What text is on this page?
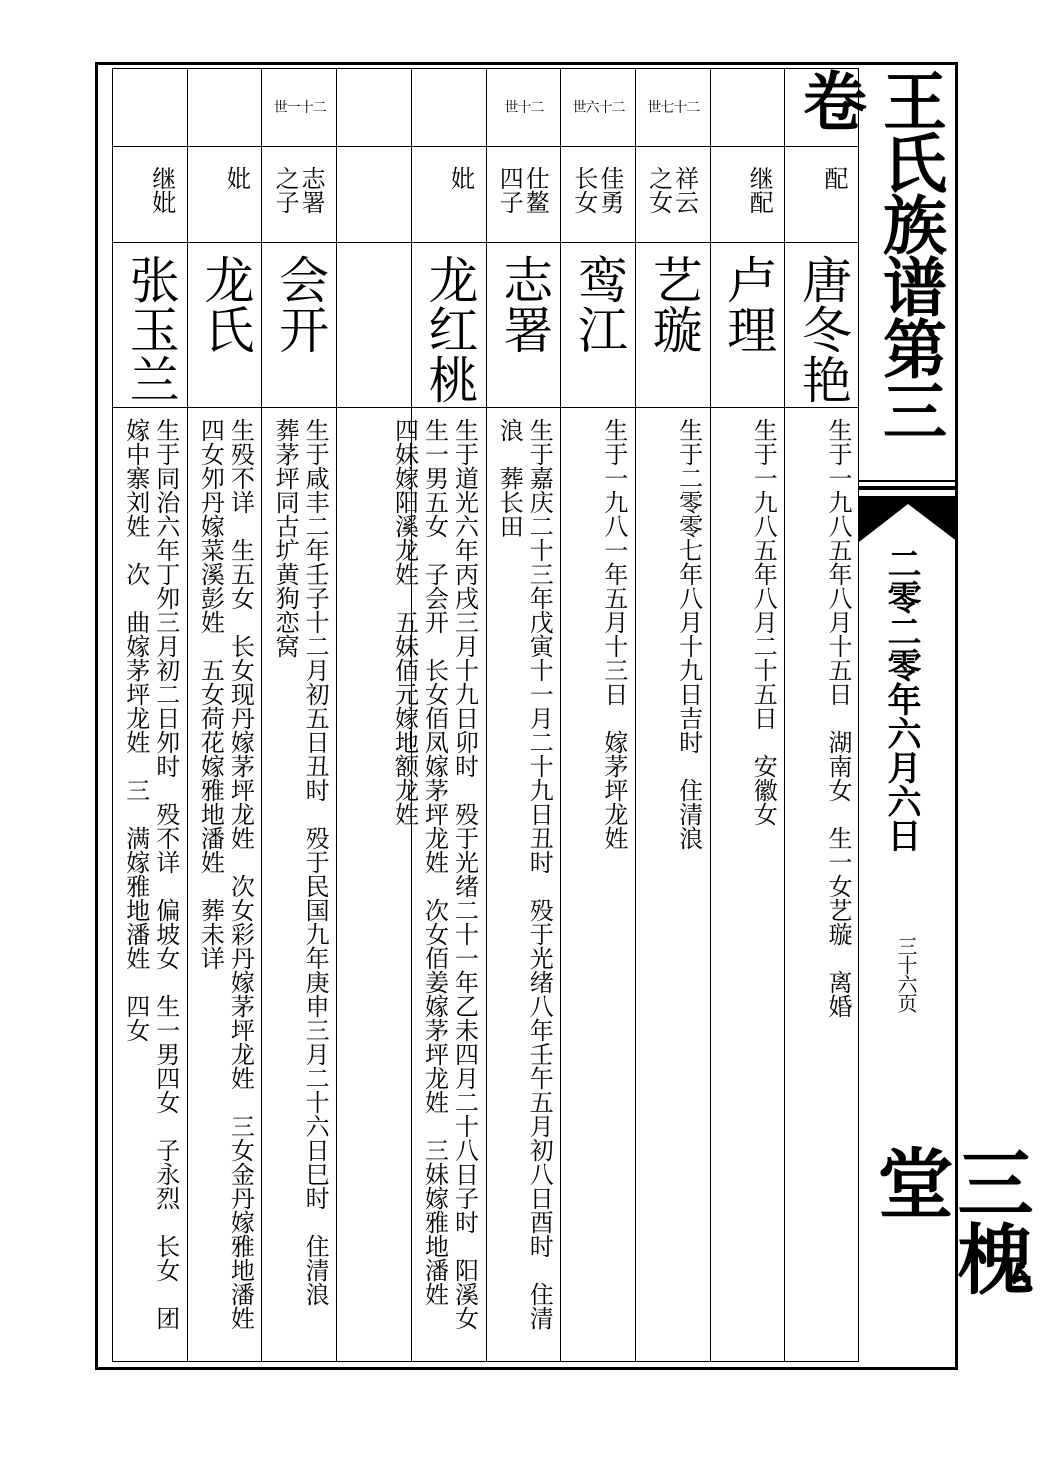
配
唐冬艳
生于一九八五年八月十五日　湖南女　生一女艺璇　离婚
继配
卢理
生于一九八五年八月二十五日　安徽女
世七十二
祥云之女
艺璇
生于二零零七年八月十九日吉时　住清浪
世六十二
佳勇长女
鸾江
生于一九八一年五月十三日　嫁茅坪龙姓
世十二
仕鳌四子
志署
生于嘉庆二十三年戊寅十一月二十九日丑时　殁于光绪八年壬午五月初八日酉时　住清浪　葬长田
妣
龙红桃
生于道光六年丙戌三月十九日卯时　殁于光绪二十一年乙未四月二十八日子时　阳溪女　生一男五女　子会开　长女佰凤嫁茅坪龙姓　次女佰姜嫁茅坪龙姓　三妹嫁雅地潘姓　四妹嫁阳溪龙姓　五妹佰元嫁地额龙姓
世一十二
志署之子
会开
生于咸丰二年壬子十二月初五日丑时　殁于民国九年庚申三月二十六日巳时　住清浪　葬茅坪同古圹黄狗恋窝
妣
龙氏
生殁不详　生五女　长女现丹嫁茅坪龙姓　次女彩丹嫁茅坪龙姓　三女金丹嫁雅地潘姓　四女夘丹嫁菜溪彭姓　五女荷花嫁雅地潘姓　葬未详
继妣
张玉兰
生于同治六年丁夘三月初二日夘时　殁不详　偏坡女　生一男四女　子永烈　长女　团嫁中寨刘姓　次　曲嫁茅坪龙姓　三　满嫁雅地潘姓　四女
王氏族谱第三卷
二零二零年六月六日
三十六页
三槐堂
